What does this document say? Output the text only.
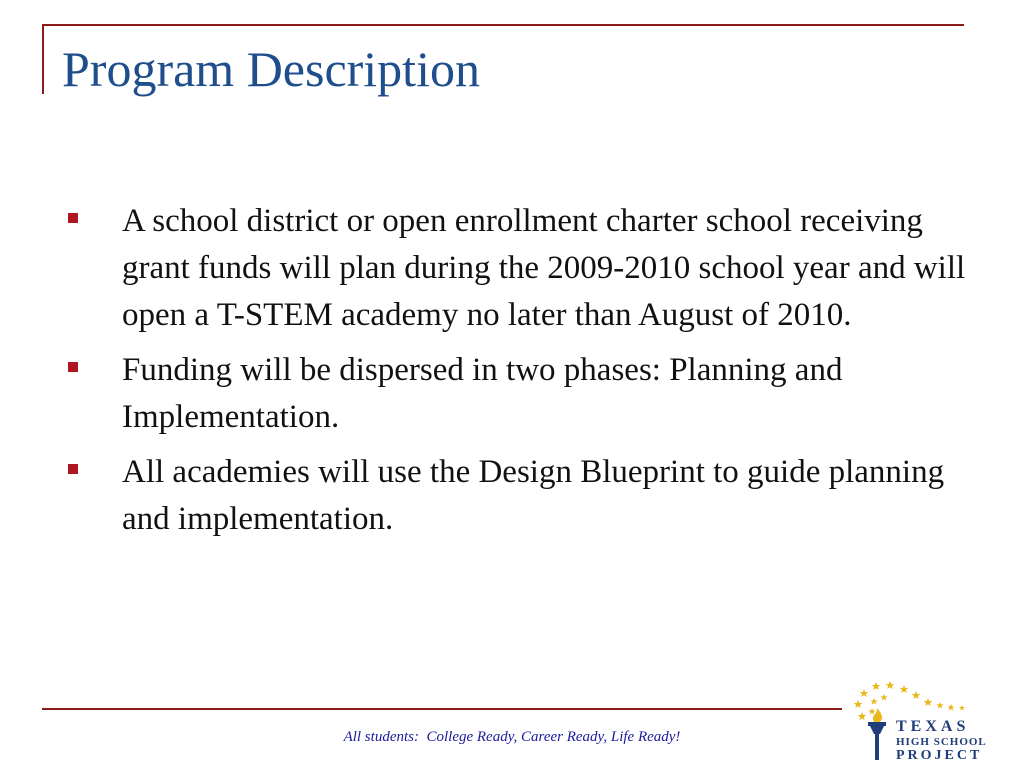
Program Description
A school district or open enrollment charter school receiving grant funds will plan during the 2009-2010 school year and will open a T-STEM academy no later than August of 2010.
Funding will be dispersed in two phases: Planning and Implementation.
All academies will use the Design Blueprint to guide planning and implementation.
All students:  College Ready, Career Ready, Life Ready!
TEXAS
HIGH SCHOOL
PROJECT
